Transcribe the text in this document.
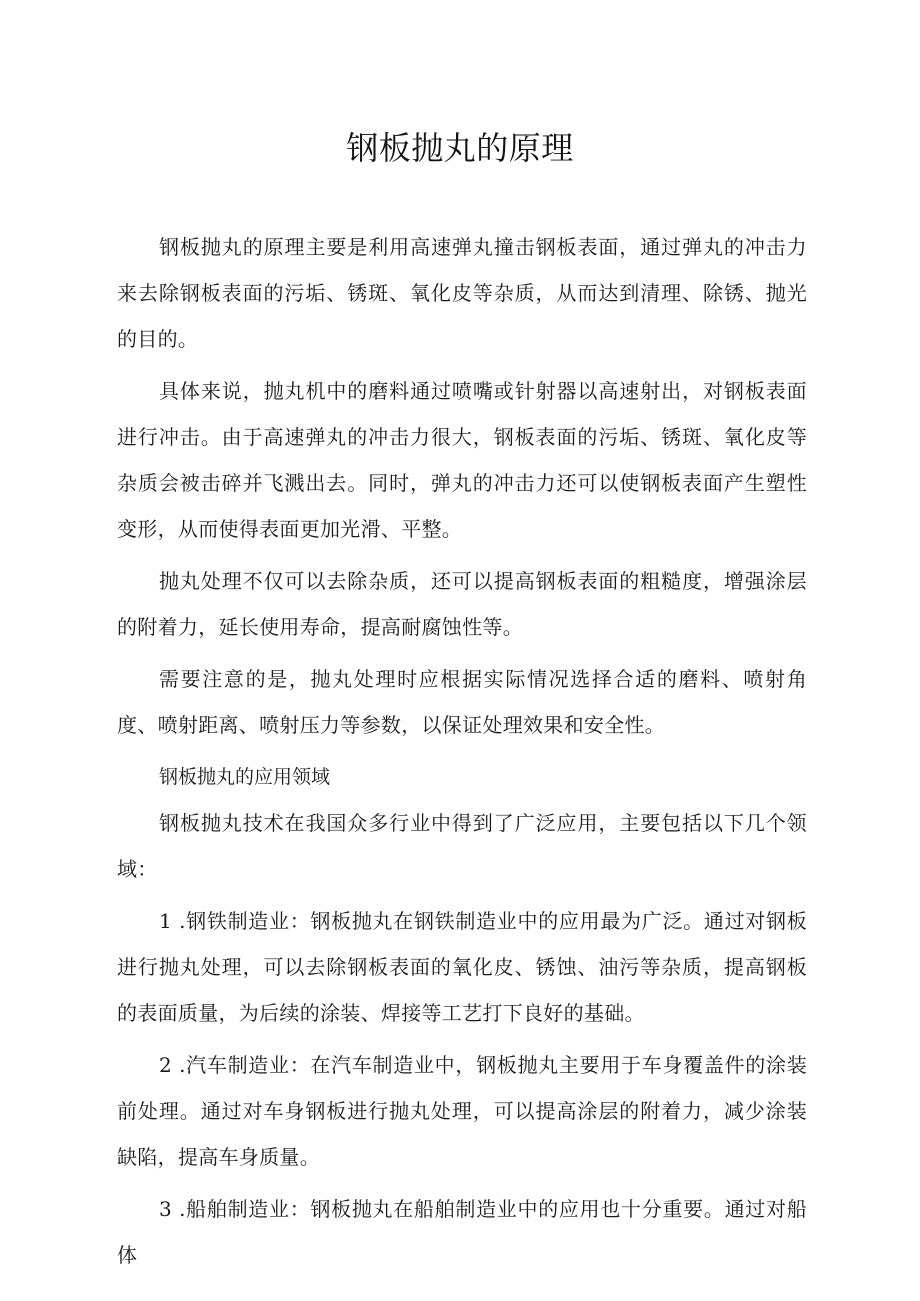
钢板抛丸的原理

钢板抛丸的原理主要是利用高速弹丸撞击钢板表面，通过弹丸的冲击力来去除钢板表面的污垢、锈斑、氧化皮等杂质，从而达到清理、除锈、抛光的目的。

具体来说，抛丸机中的磨料通过喷嘴或针射器以高速射出，对钢板表面进行冲击。由于高速弹丸的冲击力很大，钢板表面的污垢、锈斑、氧化皮等杂质会被击碎并飞溅出去。同时，弹丸的冲击力还可以使钢板表面产生塑性变形，从而使得表面更加光滑、平整。

抛丸处理不仅可以去除杂质，还可以提高钢板表面的粗糙度，增强涂层的附着力，延长使用寿命，提高耐腐蚀性等。

需要注意的是，抛丸处理时应根据实际情况选择合适的磨料、喷射角度、喷射距离、喷射压力等参数，以保证处理效果和安全性。

钢板抛丸的应用领域

钢板抛丸技术在我国众多行业中得到了广泛应用，主要包括以下几个领域：

1 .钢铁制造业：钢板抛丸在钢铁制造业中的应用最为广泛。通过对钢板进行抛丸处理，可以去除钢板表面的氧化皮、锈蚀、油污等杂质，提高钢板的表面质量，为后续的涂装、焊接等工艺打下良好的基础。

2 .汽车制造业：在汽车制造业中，钢板抛丸主要用于车身覆盖件的涂装前处理。通过对车身钢板进行抛丸处理，可以提高涂层的附着力，减少涂装缺陷，提高车身质量。

3 .船舶制造业：钢板抛丸在船舶制造业中的应用也十分重要。通过对船体
